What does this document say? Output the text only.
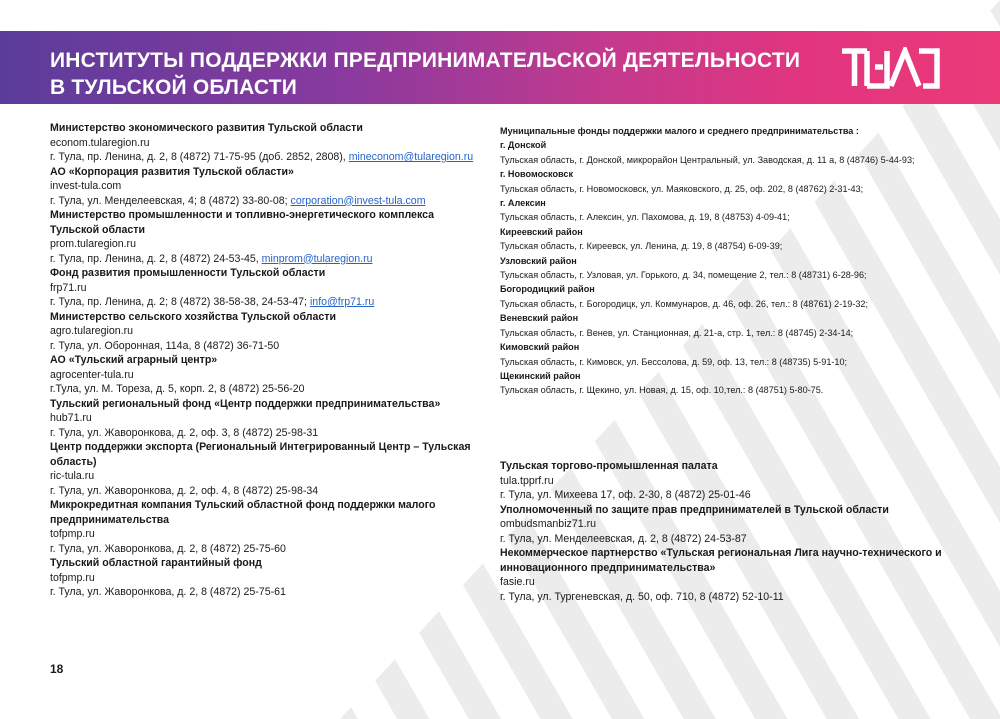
ИНСТИТУТЫ ПОДДЕРЖКИ ПРЕДПРИНИМАТЕЛЬСКОЙ ДЕЯТЕЛЬНОСТИ В ТУЛЬСКОЙ ОБЛАСТИ
Министерство экономического развития Тульской области
econom.tularegion.ru
г. Тула, пр. Ленина, д. 2, 8 (4872) 71-75-95 (доб. 2852, 2808), mineconom@tularegion.ru
АО «Корпорация развития Тульской области»
invest-tula.com
г. Тула, ул. Менделеевская, 4; 8 (4872) 33-80-08; corporation@invest-tula.com
Министерство промышленности и топливно-энергетического комплекса Тульской области
prom.tularegion.ru
г. Тула, пр. Ленина, д. 2, 8 (4872) 24-53-45, minprom@tularegion.ru
Фонд развития промышленности Тульской области
frp71.ru
г. Тула, пр. Ленина, д. 2; 8 (4872) 38-58-38, 24-53-47; info@frp71.ru
Министерство сельского хозяйства Тульской области
agro.tularegion.ru
г. Тула, ул. Оборонная, 114а, 8 (4872) 36-71-50
АО «Тульский аграрный центр»
agrocenter-tula.ru
г.Тула, ул. М. Тореза, д. 5, корп. 2, 8 (4872) 25-56-20
Тульский региональный фонд «Центр поддержки предпринимательства»
hub71.ru
г. Тула, ул. Жаворонкова, д. 2, оф. 3, 8 (4872) 25-98-31
Центр поддержки экспорта (Региональный Интегрированный Центр – Тульская область)
ric-tula.ru
г. Тула, ул. Жаворонкова, д. 2, оф. 4, 8 (4872) 25-98-34
Микрокредитная компания Тульский областной фонд поддержки малого предпринимательства
tofpmp.ru
г. Тула, ул. Жаворонкова, д. 2, 8 (4872) 25-75-60
Тульский областной гарантийный фонд
tofpmp.ru
г. Тула, ул. Жаворонкова, д. 2, 8 (4872) 25-75-61
Муниципальные фонды поддержки малого и среднего предпринимательства :
г. Донской
Тульская область, г. Донской, микрорайон Центральный, ул. Заводская, д. 11 а, 8 (48746) 5-44-93;
г. Новомосковск
Тульская область, г. Новомосковск, ул. Маяковского, д. 25, оф. 202, 8 (48762) 2-31-43;
г. Алексин
Тульская область, г. Алексин, ул. Пахомова, д. 19, 8 (48753) 4-09-41;
Киреевский район
Тульская область, г. Киреевск, ул. Ленина, д. 19, 8 (48754) 6-09-39;
Узловский район
Тульская область, г. Узловая, ул. Горького, д. 34, помещение 2, тел.: 8 (48731) 6-28-96;
Богородицкий район
Тульская область, г. Богородицк, ул. Коммунаров, д. 46, оф. 26, тел.: 8 (48761) 2-19-32;
Веневский район
Тульская область, г. Венев, ул. Станционная, д. 21-а, стр. 1, тел.: 8 (48745) 2-34-14;
Кимовский район
Тульская область, г. Кимовск, ул. Бессолова, д. 59, оф. 13, тел.: 8 (48735) 5-91-10;
Щекинский район
Тульская область, г. Щекино, ул. Новая, д. 15, оф. 10,тел.: 8 (48751) 5-80-75.
Тульская торгово-промышленная палата
tula.tpprf.ru
г. Тула, ул. Михеева 17, оф. 2-30, 8 (4872) 25-01-46
Уполномоченный по защите прав предпринимателей в Тульской области
ombudsmanbiz71.ru
г. Тула, ул. Менделеевская, д. 2, 8 (4872) 24-53-87
Некоммерческое партнерство «Тульская региональная Лига научно-технического и инновационного предпринимательства»
fasie.ru
г. Тула, ул. Тургеневская, д. 50, оф. 710, 8 (4872) 52-10-11
18
